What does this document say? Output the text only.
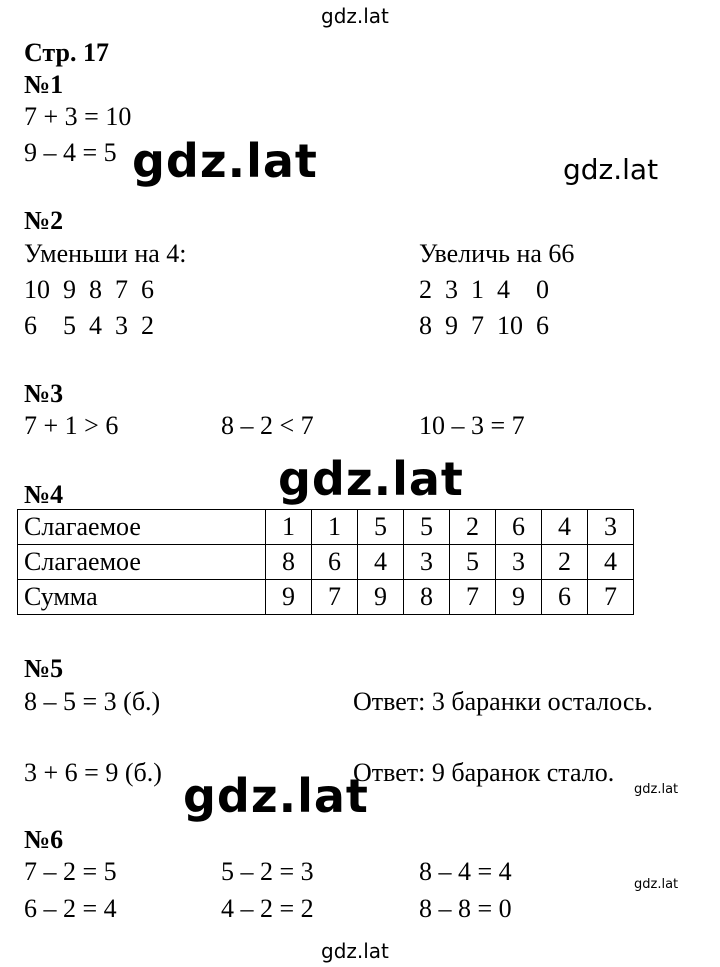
gdz.lat
gdz.lat	gdz.lat
gdz.lat
gdz.lat
gdz.lat
gdz.lat
gdz.lat
Стр. 17
№1
7 + 3 = 10
9 – 4 = 5
№2
Уменьши на 4:
10  9  8  7  6
6    5  4  3  2
Увеличь на 66
2  3  1  4    0
8  9  7  10  6
№3
7 + 1 > 6	8 – 2 < 7	10 – 3 = 7
№4
Слагаемое	1	1	5	5	2	6	4	3
Слагаемое	8	6	4	3	5	3	2	4
Сумма	9	7	9	8	7	9	6	7
№5
8 – 5 = 3 (б.)	Ответ: 3 баранки осталось.
3 + 6 = 9 (б.)	Ответ: 9 баранок стало.
№6
7 – 2 = 5	5 – 2 = 3	8 – 4 = 4
6 – 2 = 4	4 – 2 = 2	8 – 8 = 0
